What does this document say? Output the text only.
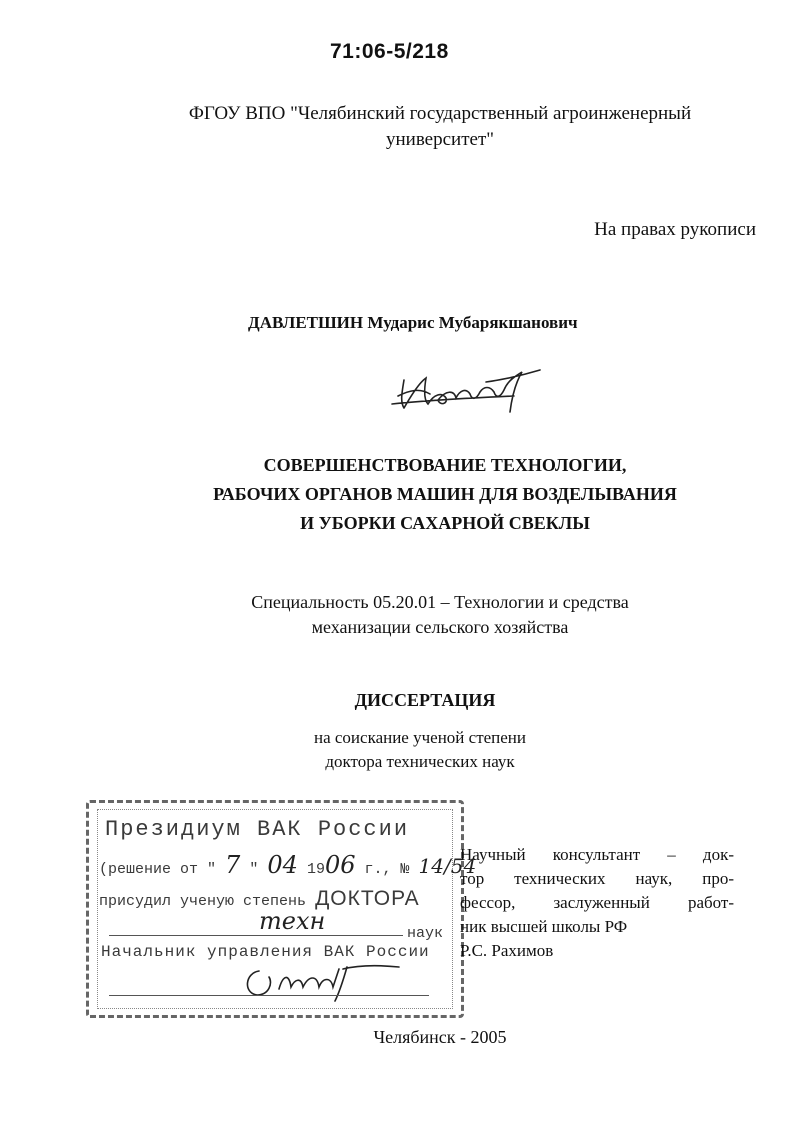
71:06-5/218
ФГОУ ВПО "Челябинский государственный агроинженерный
университет"
На правах рукописи
ДАВЛЕТШИН Мударис Мубарякшанович
СОВЕРШЕНСТВОВАНИЕ ТЕХНОЛОГИИ,
РАБОЧИХ ОРГАНОВ МАШИН ДЛЯ ВОЗДЕЛЫВАНИЯ
И УБОРКИ САХАРНОЙ СВЕКЛЫ
Специальность 05.20.01 – Технологии и средства
механизации сельского хозяйства
ДИССЕРТАЦИЯ
на соискание ученой степени
доктора технических наук
Президиум ВАК России
(решение от " 7 " 04 1906 г., № 14/54
присудил ученую степень ДОКТОРА
техн	наук
Начальник управления ВАК России
Научный консультант – док-
тор технических наук, про-
фессор, заслуженный работ-
ник высшей школы РФ
Р.С. Рахимов
Челябинск - 2005
